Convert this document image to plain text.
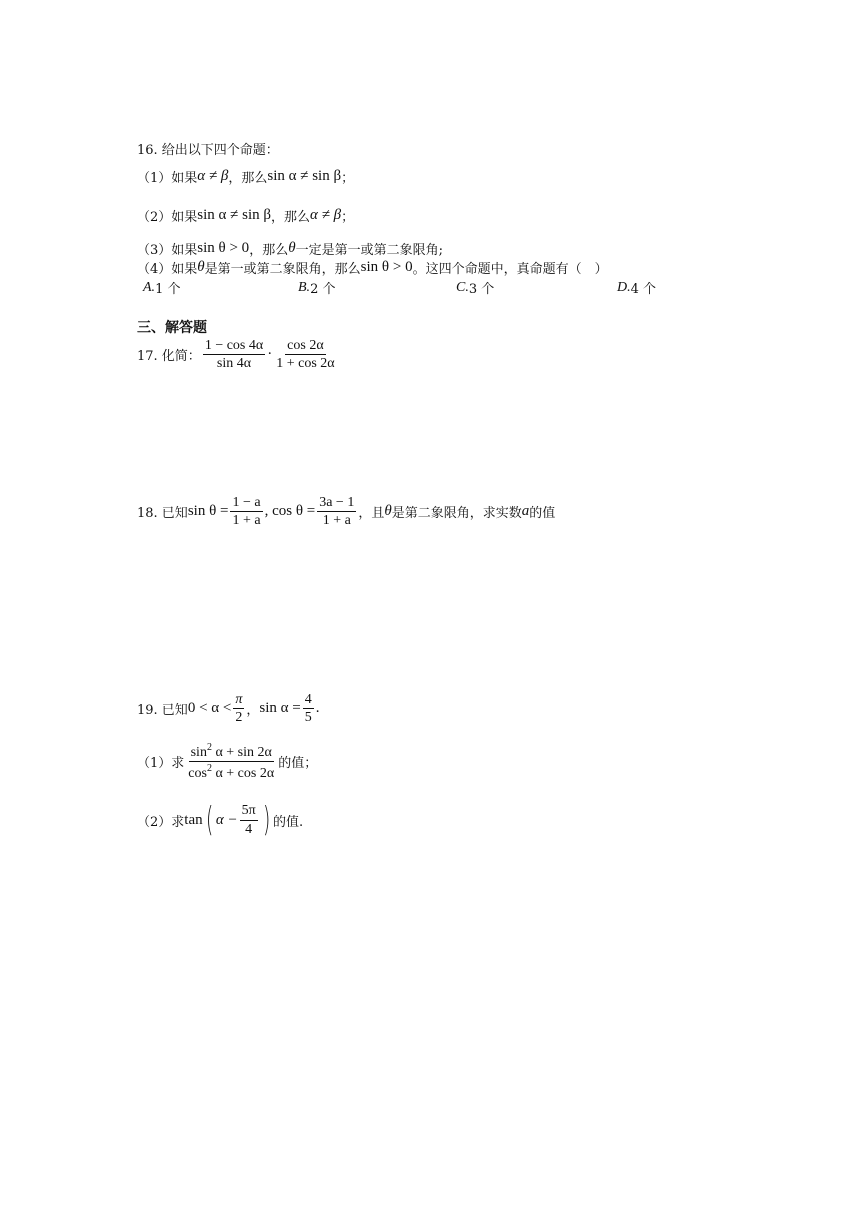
16. 给出以下四个命题：
（1）如果 α ≠ β ，那么 sin α ≠ sin β ；
（2）如果 sin α ≠ sin β ，那么 α ≠ β ；
（3）如果 sin θ > 0 ，那么 θ 一定是第一或第二象限角;
（4）如果 θ 是第一或第二象限角，那么 sin θ > 0 。这四个命题中，真命题有（　）
A. 1 个	B. 2 个	C. 3 个	D. 4 个
三、解答题
17. 化简： $\frac{1 - \cos 4\alpha}{\sin 4\alpha} \cdot \frac{\cos 2\alpha}{1 + \cos 2\alpha}$
18. 已知 $\sin \theta = \frac{1 - a}{1 + a}$ , $\cos \theta = \frac{3a - 1}{1 + a}$ ，且 θ 是第二象限角，求实数 a 的值
19. 已知 $0 < \alpha < \frac{\pi}{2}$ ， $\sin \alpha = \frac{4}{5}$ .
（1）求 $\frac{\sin^2 \alpha + \sin 2\alpha}{\cos^2 \alpha + \cos 2\alpha}$ 的值；
（2）求 tan ( $\alpha - \frac{5\pi}{4}$ ) 的值.
